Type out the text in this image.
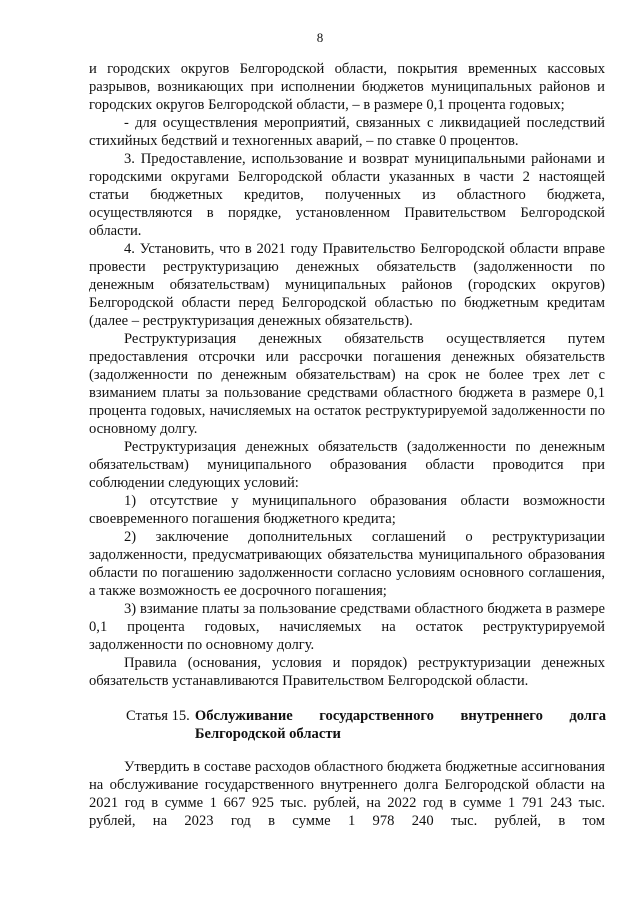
8

и городских округов Белгородской области, покрытия временных кассовых разрывов, возникающих при исполнении бюджетов муниципальных районов и городских округов Белгородской области, – в размере 0,1 процента годовых;

- для осуществления мероприятий, связанных с ликвидацией последствий стихийных бедствий и техногенных аварий, – по ставке 0 процентов.

3. Предоставление, использование и возврат муниципальными районами и городскими округами Белгородской области указанных в части 2 настоящей статьи бюджетных кредитов, полученных из областного бюджета, осуществляются в порядке, установленном Правительством Белгородской области.

4. Установить, что в 2021 году Правительство Белгородской области вправе провести реструктуризацию денежных обязательств (задолженности по денежным обязательствам) муниципальных районов (городских округов) Белгородской области перед Белгородской областью по бюджетным кредитам (далее – реструктуризация денежных обязательств).

Реструктуризация денежных обязательств осуществляется путем предоставления отсрочки или рассрочки погашения денежных обязательств (задолженности по денежным обязательствам) на срок не более трех лет с взиманием платы за пользование средствами областного бюджета в размере 0,1 процента годовых, начисляемых на остаток реструктурируемой задолженности по основному долгу.

Реструктуризация денежных обязательств (задолженности по денежным обязательствам) муниципального образования области проводится при соблюдении следующих условий:

1) отсутствие у муниципального образования области возможности своевременного погашения бюджетного кредита;

2) заключение дополнительных соглашений о реструктуризации задолженности, предусматривающих обязательства муниципального образования области по погашению задолженности согласно условиям основного соглашения, а также возможность ее досрочного погашения;

3) взимание платы за пользование средствами областного бюджета в размере 0,1 процента годовых, начисляемых на остаток реструктурируемой задолженности по основному долгу.

Правила (основания, условия и порядок) реструктуризации денежных обязательств устанавливаются Правительством Белгородской области.

Статья 15. Обслуживание государственного внутреннего долга
Белгородской области

Утвердить в составе расходов областного бюджета бюджетные ассигнования на обслуживание государственного внутреннего долга Белгородской области на 2021 год в сумме 1 667 925 тыс. рублей, на 2022 год в сумме 1 791 243 тыс. рублей, на 2023 год в сумме 1 978 240 тыс. рублей, в том
